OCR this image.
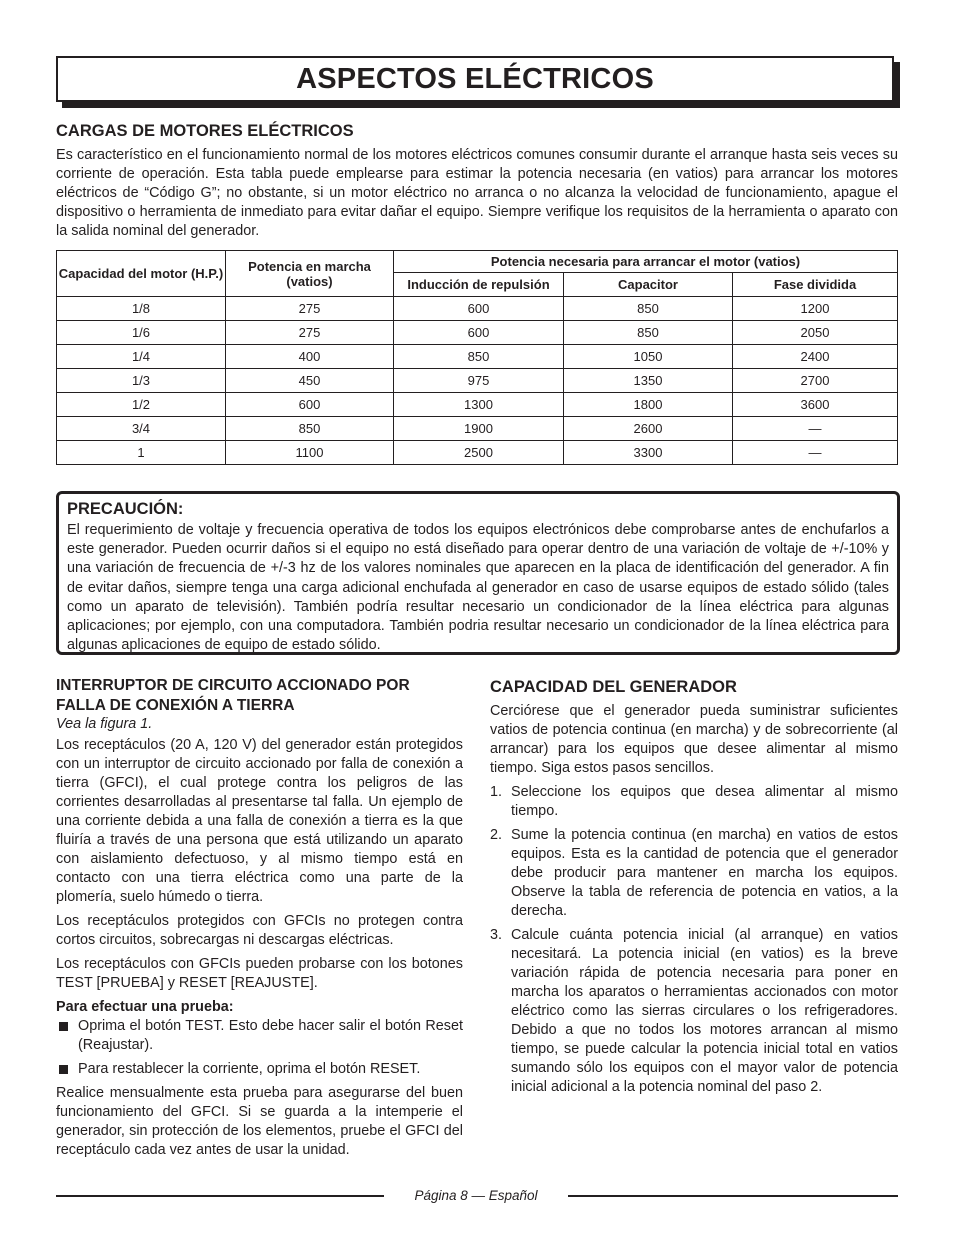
ASPECTOS ELÉCTRICOS
CARGAS DE MOTORES ELÉCTRICOS

Es característico en el funcionamiento normal de los motores eléctricos comunes consumir durante el arranque hasta seis veces su corriente de operación. Esta tabla puede emplearse para estimar la potencia necesaria (en vatios) para arrancar los motores eléctricos de “Código G”; no obstante, si un motor eléctrico no arranca o no alcanza la velocidad de funcionamiento, apague el dispositivo o herramienta de inmediato para evitar dañar el equipo. Siempre verifique los requisitos de la herramienta o aparato con la salida nominal del generador.

Capacidad del motor (H.P.)	Potencia en marcha (vatios)	Potencia necesaria para arrancar el motor (vatios)		
		Inducción de repulsión	Capacitor	Fase dividida
1/8	275	600	850	1200
1/6	275	600	850	2050
1/4	400	850	1050	2400
1/3	450	975	1350	2700
1/2	600	1300	1800	3600
3/4	850	1900	2600	—
1	1100	2500	3300	—
PRECAUCIÓN:

El requerimiento de voltaje y frecuencia operativa de todos los equipos electrónicos debe comprobarse antes de enchufarlos a este generador. Pueden ocurrir daños si el equipo no está diseñado para operar dentro de una variación de voltaje de +/-10% y una variación de frecuencia de +/-3 hz de los valores nominales que aparecen en la placa de identificación del generador. A fin de evitar daños, siempre tenga una carga adicional enchufada al generador en caso de usarse equipos de estado sólido (tales como un aparato de televisión). También podría resultar necesario un condicionador de la línea eléctrica para algunas aplicaciones; por ejemplo, con una computadora. También podria resultar necesario un condicionador de la línea eléctrica para algunas aplicaciones de equipo de estado sólido.

INTERRUPTOR DE CIRCUITO ACCIONADO POR FALLA DE CONEXIÓN A TIERRA

Vea la figura 1.

Los receptáculos (20 A, 120 V) del generador están protegidos con un interruptor de circuito accionado por falla de conexión a tierra (GFCI), el cual protege contra los peligros de las corrientes desarrolladas al presentarse tal falla. Un ejemplo de una corriente debida a una falla de conexión a tierra es la que fluiría a través de una persona que está utilizando un aparato con aislamiento defectuoso, y al mismo tiempo está en contacto con una tierra eléctrica como una parte de la plomería, suelo húmedo o tierra.

Los receptáculos protegidos con GFCIs no protegen contra cortos circuitos, sobrecargas ni descargas eléctricas.

Los receptáculos con GFCIs pueden probarse con los botones TEST [PRUEBA] y RESET [REAJUSTE].

Para efectuar una prueba:

Oprima el botón TEST. Esto debe hacer salir el botón Reset (Reajustar).

Para restablecer la corriente, oprima el botón RESET.

Realice mensualmente esta prueba para asegurarse del buen funcionamiento del GFCI. Si se guarda a la intemperie el generador, sin protección de los elementos, pruebe el GFCI del receptáculo cada vez antes de usar la unidad.

CAPACIDAD DEL GENERADOR

Cerciórese que el generador pueda suministrar suficientes vatios de potencia continua (en marcha) y de sobrecorriente (al arrancar) para los equipos que desee alimentar al mismo tiempo. Siga estos pasos sencillos.

1. Seleccione los equipos que desea alimentar al mismo tiempo.

2. Sume la potencia continua (en marcha) en vatios de estos equipos. Esta es la cantidad de potencia que el generador debe producir para mantener en marcha los equipos. Observe la tabla de referencia de potencia en vatios, a la derecha.

3. Calcule cuánta potencia inicial (al arranque) en vatios necesitará. La potencia inicial (en vatios) es la breve variación rápida de potencia necesaria para poner en marcha los aparatos o herramientas accionados con motor eléctrico como las sierras circulares o los refrigeradores. Debido a que no todos los motores arrancan al mismo tiempo, se puede calcular la potencia inicial total en vatios sumando sólo los equipos con el mayor valor de potencia inicial adicional a la potencia nominal del paso 2.

Página 8 — Español
